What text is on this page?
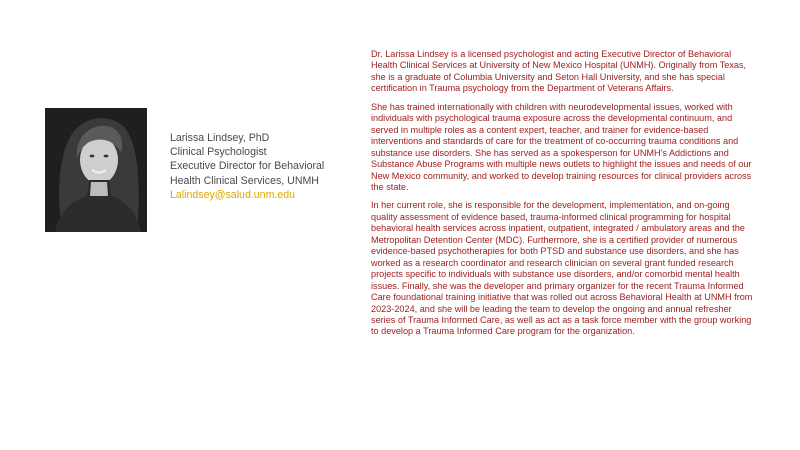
Larissa Lindsey, PhD
Clinical Psychologist
Executive Director for Behavioral
Health Clinical Services, UNMH
Lalindsey@salud.unm.edu

Dr. Larissa Lindsey is a licensed psychologist and acting Executive Director of Behavioral Health Clinical Services at University of New Mexico Hospital (UNMH). Originally from Texas, she is a graduate of Columbia University and Seton Hall University, and she has special certification in Trauma psychology from the Department of Veterans Affairs.

She has trained internationally with children with neurodevelopmental issues, worked with individuals with psychological trauma exposure across the developmental continuum, and served in multiple roles as a content expert, teacher, and trainer for evidence-based interventions and standards of care for the treatment of co-occurring trauma conditions and substance use disorders. She has served as a spokesperson for UNMH's Addictions and Substance Abuse Programs with multiple news outlets to highlight the issues and needs of our New Mexico community, and worked to develop training resources for clinical providers across the state.

In her current role, she is responsible for the development, implementation, and on-going quality assessment of evidence based, trauma-informed clinical programming for hospital behavioral health services across inpatient, outpatient, integrated / ambulatory areas and the Metropolitan Detention Center (MDC). Furthermore, she is a certified provider of numerous evidence-based psychotherapies for both PTSD and substance use disorders, and she has worked as a research coordinator and research clinician on several grant funded research projects specific to individuals with substance use disorders, and/or comorbid mental health issues. Finally, she was the developer and primary organizer for the recent Trauma Informed Care foundational training initiative that was rolled out across Behavioral Health at UNMH from 2023-2024, and she will be leading the team to develop the ongoing and annual refresher series of Trauma Informed Care, as well as act as a task force member with the group working to develop a Trauma Informed Care program for the organization.
